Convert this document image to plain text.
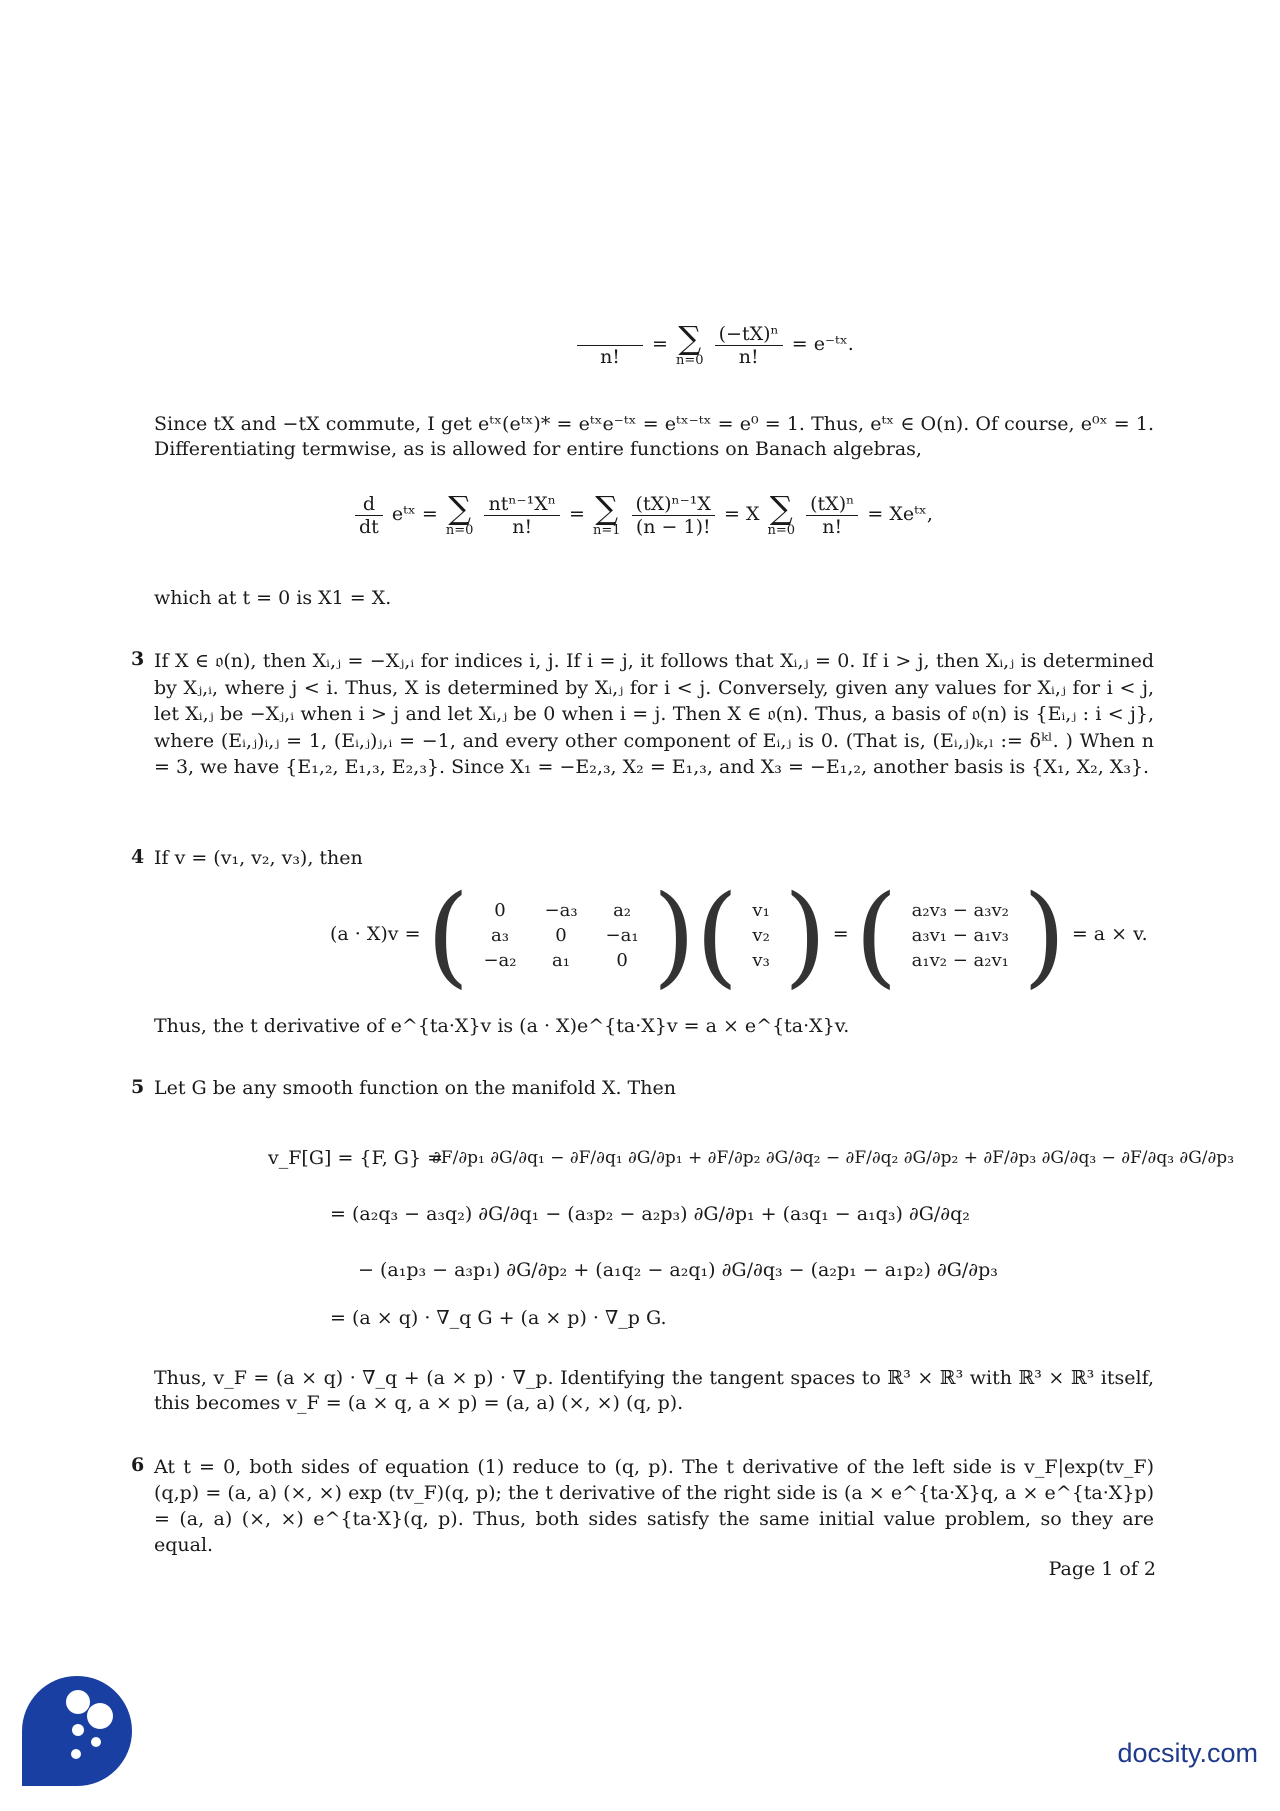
n!
= ∑
n=0
$\frac{\text{(−tX)ⁿ}}{n!}$ = e⁻ᵗˣ.
Since tX and −tX commute, I get eᵗˣ(eᵗˣ)* = eᵗˣe⁻ᵗˣ = eᵗˣ⁻ᵗˣ = e⁰ = 1. Thus, eᵗˣ ∈ O(n). Of course, e⁰ˣ = 1. Differentiating termwise, as is allowed for entire functions on Banach algebras,
$\frac{d}{dt}$ eᵗˣ = ∑
n=0
$\frac{\text{ntⁿ⁻¹Xⁿ}}{n!}$ = ∑
n=1
$\frac{\text{(tX)ⁿ⁻¹X}}{(n - 1)!} = X$ ∑
n=0
$\frac{\text{(tX)ⁿ}}{n!}$ = Xeᵗˣ,
which at t = 0 is X1 = X.
3 If X ∈ 𝔬(n), then Xᵢ,ⱼ = −Xⱼ,ᵢ for indices i, j. If i = j, it follows that Xᵢ,ⱼ = 0. If i > j, then Xᵢ,ⱼ is determined by Xⱼ,ᵢ, where j < i. Thus, X is determined by Xᵢ,ⱼ for i < j. Conversely, given any values for Xᵢ,ⱼ for i < j, let Xᵢ,ⱼ be −Xⱼ,ᵢ when i > j and let Xᵢ,ⱼ be 0 when i = j. Then X ∈ 𝔬(n). Thus, a basis of 𝔬(n) is {Eᵢ,ⱼ : i < j}, where (Eᵢ,ⱼ)ᵢ,ⱼ = 1, (Eᵢ,ⱼ)ⱼ,ᵢ = −1, and every other component of Eᵢ,ⱼ is 0. (That is, (Eᵢ,ⱼ)ₖ,ₗ := δᵏˡ. ) When n = 3, we have {E₁,₂, E₁,₃, E₂,₃}. Since X₁ = −E₂,₃, X₂ = E₁,₃, and X₃ = −E₁,₂, another basis is {X₁, X₂, X₃}.
4 If v = (v₁, v₂, v₃), then
(a · X)v = ( 0	−a₃	a₂
a₃	0	−a₁
−a₂	a₁	0 )( v₁
v₂
v₃ ) = ( a₂v₃ − a₃v₂
a₃v₁ − a₁v₃
a₁v₂ − a₂v₁ ) = a × v.
Thus, the t derivative of e^{ta·X}v is (a · X)e^{ta·X}v = a × e^{ta·X}v.
5 Let G be any smooth function on the manifold X. Then
v_F[G] = {F, G} =
∂F/∂p₁ ∂G/∂q₁ − ∂F/∂q₁ ∂G/∂p₁ + ∂F/∂p₂ ∂G/∂q₂ − ∂F/∂q₂ ∂G/∂p₂ + ∂F/∂p₃ ∂G/∂q₃ − ∂F/∂q₃ ∂G/∂p₃
= (a₂q₃ − a₃q₂) ∂G/∂q₁ − (a₃p₂ − a₂p₃) ∂G/∂p₁ + (a₃q₁ − a₁q₃) ∂G/∂q₂
− (a₁p₃ − a₃p₁) ∂G/∂p₂ + (a₁q₂ − a₂q₁) ∂G/∂q₃ − (a₂p₁ − a₁p₂) ∂G/∂p₃
= (a × q) · ∇_q G + (a × p) · ∇_p G.
Thus, v_F = (a × q) · ∇_q + (a × p) · ∇_p. Identifying the tangent spaces to ℝ³ × ℝ³ with ℝ³ × ℝ³ itself, this becomes v_F = (a × q, a × p) = (a, a) (×, ×) (q, p).
6 At t = 0, both sides of equation (1) reduce to (q, p). The t derivative of the left side is v_F|exp(tv_F)(q,p) = (a, a) (×, ×) exp (tv_F)(q, p); the t derivative of the right side is (a × e^{ta·X}q, a × e^{ta·X}p) = (a, a) (×, ×) e^{ta·X}(q, p). Thus, both sides satisfy the same initial value problem, so they are equal.
Page 1 of 2
docsity.com
